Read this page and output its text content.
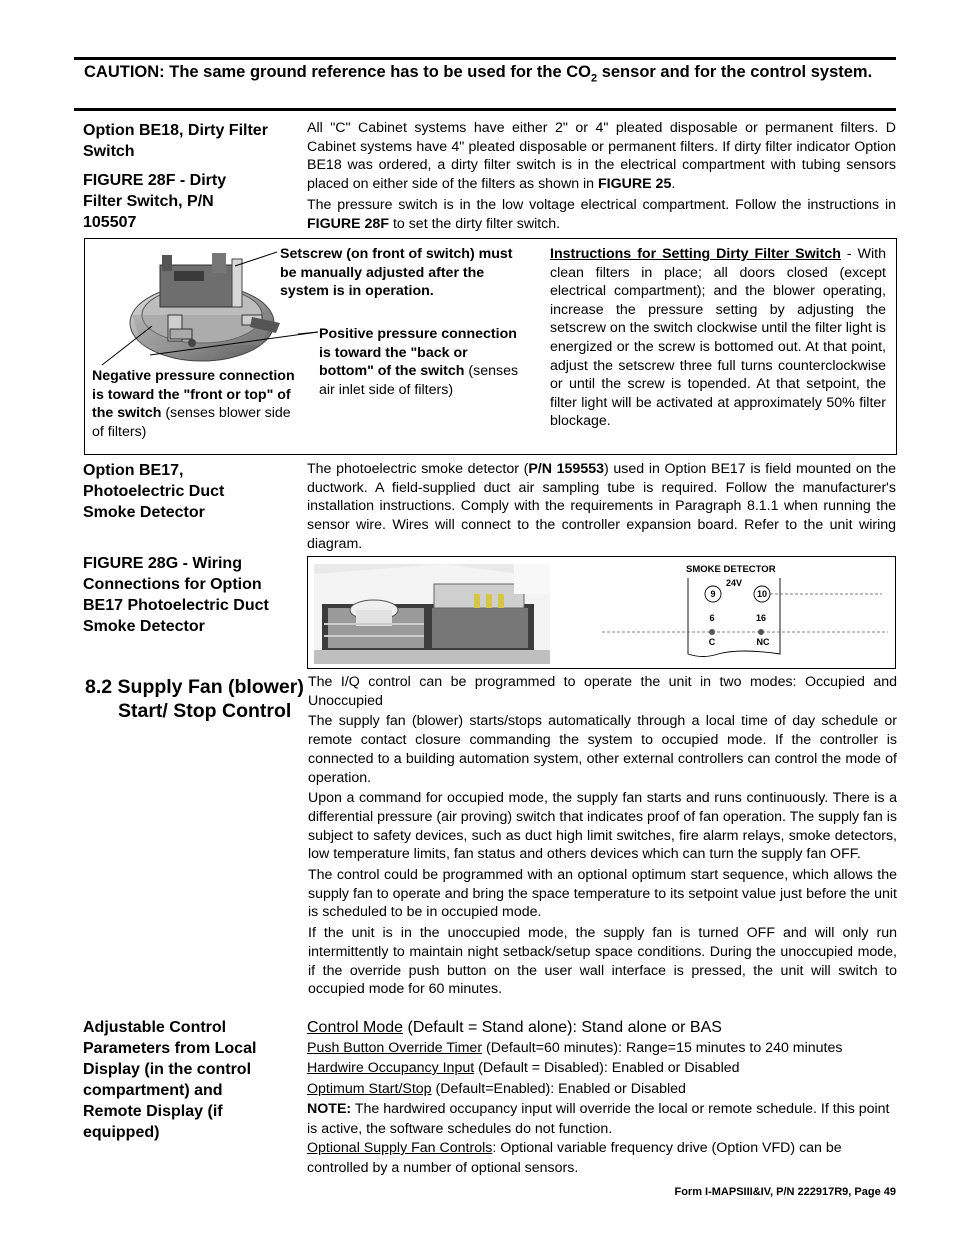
CAUTION: The same ground reference has to be used for the $CO_2$ sensor and for the control system.
Option BE18, Dirty Filter Switch
FIGURE 28F - Dirty Filter Switch, P/N 105507

All "C" Cabinet systems have either 2" or 4" pleated disposable or permanent filters. D Cabinet systems have 4" pleated disposable or permanent filters. If dirty filter indicator Option BE18 was ordered, a dirty filter switch is in the electrical compartment with tubing sensors placed on either side of the filters as shown in FIGURE 25.

The pressure switch is in the low voltage electrical compartment. Follow the instructions in FIGURE 28F to set the dirty filter switch.

Setscrew (on front of switch) must be manually adjusted after the system is in operation.
Positive pressure connection is toward the "back or bottom" of the switch (senses air inlet side of filters)
Negative pressure connection is toward the "front or top" of the switch (senses blower side of filters)
Instructions for Setting Dirty Filter Switch - With clean filters in place; all doors closed (except electrical compartment); and the blower operating, increase the pressure setting by adjusting the setscrew on the switch clockwise until the filter light is energized or the screw is bottomed out. At that point, adjust the setscrew three full turns counterclockwise or until the screw is topended. At that setpoint, the filter light will be activated at approximately 50% filter blockage.
Option BE17, Photoelectric Duct Smoke Detector
FIGURE 28G - Wiring Connections for Option BE17 Photoelectric Duct Smoke Detector

The photoelectric smoke detector (P/N 159553) used in Option BE17 is field mounted on the ductwork. A field-supplied duct air sampling tube is required. Follow the manufacturer's installation instructions. Comply with the requirements in Paragraph 8.1.1 when running the sensor wire. Wires will connect to the controller expansion board. Refer to the unit wiring diagram.

SMOKE DETECTOR
24V
9	10
6	16
C	NC
8.2 Supply Fan (blower) Start/ Stop Control

The I/Q control can be programmed to operate the unit in two modes: Occupied and Unoccupied

The supply fan (blower) starts/stops automatically through a local time of day schedule or remote contact closure commanding the system to occupied mode. If the controller is connected to a building automation system, other external controllers can control the mode of operation.

Upon a command for occupied mode, the supply fan starts and runs continuously. There is a differential pressure (air proving) switch that indicates proof of fan operation. The supply fan is subject to safety devices, such as duct high limit switches, fire alarm relays, smoke detectors, low temperature limits, fan status and others devices which can turn the supply fan OFF.

The control could be programmed with an optional optimum start sequence, which allows the supply fan to operate and bring the space temperature to its setpoint value just before the unit is scheduled to be in occupied mode.

If the unit is in the unoccupied mode, the supply fan is turned OFF and will only run intermittently to maintain night setback/setup space conditions. During the unoccupied mode, if the override push button on the user wall interface is pressed, the unit will switch to occupied mode for 60 minutes.

Adjustable Control Parameters from Local Display (in the control compartment) and Remote Display (if equipped)
Control Mode (Default = Stand alone): Stand alone or BAS
Push Button Override Timer (Default=60 minutes): Range=15 minutes to 240 minutes
Hardwire Occupancy Input (Default = Disabled): Enabled or Disabled
Optimum Start/Stop (Default=Enabled): Enabled or Disabled
NOTE: The hardwired occupancy input will override the local or remote schedule. If this point is active, the software schedules do not function.
Optional Supply Fan Controls: Optional variable frequency drive (Option VFD) can be controlled by a number of optional sensors.
Form I-MAPSIII&IV, P/N 222917R9, Page 49
